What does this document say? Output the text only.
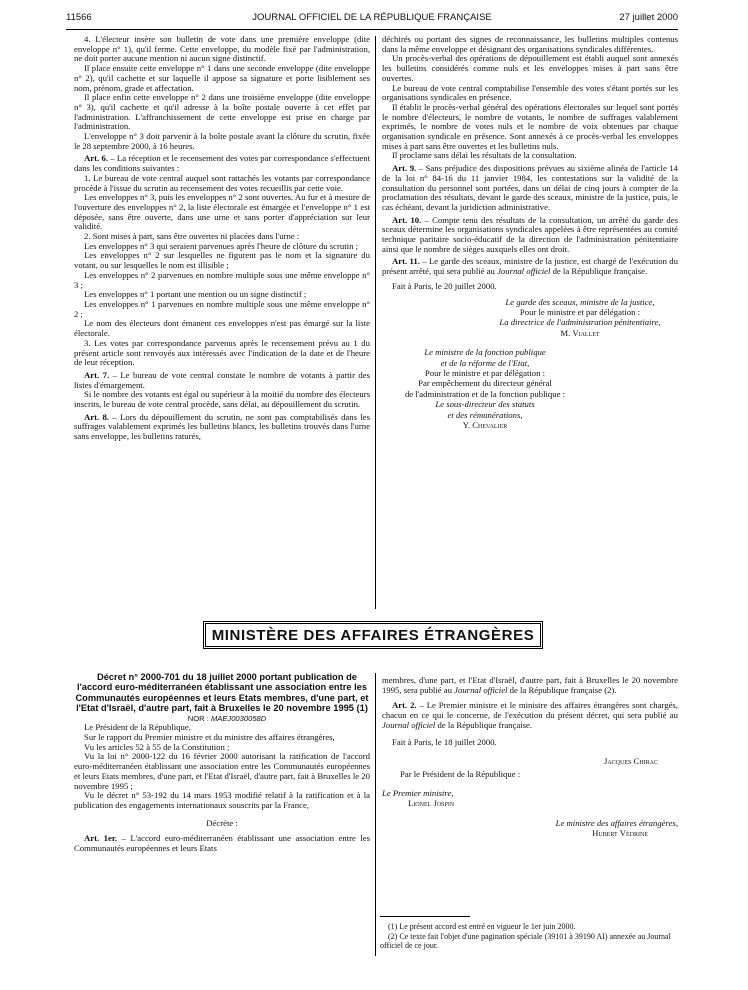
11566	JOURNAL OFFICIEL DE LA RÉPUBLIQUE FRANÇAISE	27 juillet 2000

4. L'électeur insère son bulletin de vote dans une première enveloppe (dite enveloppe n° 1), qu'il ferme. Cette enveloppe, du modèle fixé par l'administration, ne doit porter aucune mention ni aucun signe distinctif.

Il place ensuite cette enveloppe n° 1 dans une seconde enveloppe (dite enveloppe n° 2), qu'il cachette et sur laquelle il appose sa signature et porte lisiblement ses nom, prénom, grade et affectation.

Il place enfin cette enveloppe n° 2 dans une troisième enveloppe (dite enveloppe n° 3), qu'il cachette et qu'il adresse à la boîte postale ouverte à cet effet par l'administration. L'affranchissement de cette enveloppe est prise en charge par l'administration.

L'enveloppe n° 3 doit parvenir à la boîte postale avant la clôture du scrutin, fixée le 28 septembre 2000, à 16 heures.

Art. 6. – La réception et le recensement des votes par correspondance s'effectuent dans les conditions suivantes :

1. Le bureau de vote central auquel sont rattachés les votants par correspondance procède à l'issue du scrutin au recensement des votes recueillis par cette voie.

Les enveloppes n° 3, puis les enveloppes n° 2 sont ouvertes. Au fur et à mesure de l'ouverture des enveloppes n° 2, la liste électorale est émargée et l'enveloppe n° 1 est déposée, sans être ouverte, dans une urne et sans porter d'appréciation sur leur validité.

2. Sont mises à part, sans être ouvertes ni placées dans l'urne :

Les enveloppes n° 3 qui seraient parvenues après l'heure de clôture du scrutin ;

Les enveloppes n° 2 sur lesquelles ne figurent pas le nom et la signature du votant, ou sur lesquelles le nom est illisible ;

Les enveloppes n° 2 parvenues en nombre multiple sous une même enveloppe n° 3 ;

Les enveloppes n° 1 portant une mention ou un signe distinctif ;

Les enveloppes n° 1 parvenues en nombre multiple sous une même enveloppe n° 2 ;

Le nom des électeurs dont émanent ces enveloppes n'est pas émargé sur la liste électorale.

3. Les votes par correspondance parvenus après le recensement prévu au 1 du présent article sont renvoyés aux intéressés avec l'indication de la date et de l'heure de leur réception.

Art. 7. – Le bureau de vote central constate le nombre de votants à partir des listes d'émargement.

Si le nombre des votants est égal ou supérieur à la moitié du nombre des électeurs inscrits, le bureau de vote central procède, sans délai, au dépouillement du scrutin.

Art. 8. – Lors du dépouillement du scrutin, ne sont pas comptabilisés dans les suffrages valablement exprimés les bulletins blancs, les bulletins trouvés dans l'urne sans enveloppe, les bulletins raturés,

déchirés ou portant des signes de reconnaissance, les bulletins multiples contenus dans la même enveloppe et désignant des organisations syndicales différentes.

Un procès-verbal des opérations de dépouillement est établi auquel sont annexés les bulletins considérés comme nuls et les enveloppes mises à part sans être ouvertes.

Le bureau de vote central comptabilise l'ensemble des votes s'étant portés sur les organisations syndicales en présence.

Il établit le procès-verbal général des opérations électorales sur lequel sont portés le nombre d'électeurs, le nombre de votants, le nombre de suffrages valablement exprimés, le nombre de votes nuls et le nombre de voix obtenues par chaque organisation syndicale en présence. Sont annexés à ce procès-verbal les enveloppes mises à part sans être ouvertes et les bulletins nuls.

Il proclame sans délai les résultats de la consultation.

Art. 9. – Sans préjudice des dispositions prévues au sixième alinéa de l'article 14 de la loi n° 84-16 du 11 janvier 1984, les contestations sur la validité de la consultation du personnel sont portées, dans un délai de cinq jours à compter de la proclamation des résultats, devant le garde des sceaux, ministre de la justice, puis, le cas échéant, devant la juridiction administrative.

Art. 10. – Compte tenu des résultats de la consultation, un arrêté du garde des sceaux détermine les organisations syndicales appelées à être représentées au comité technique paritaire socio-éducatif de la direction de l'administration pénitentiaire ainsi que le nombre de sièges auxquels elles ont droit.

Art. 11. – Le garde des sceaux, ministre de la justice, est chargé de l'exécution du présent arrêté, qui sera publié au Journal officiel de la République française.

Fait à Paris, le 20 juillet 2000.

Le garde des sceaux, ministre de la justice,

Pour le ministre et par délégation :

La directrice de l'administration pénitentiaire,

M. Viallet

Le ministre de la fonction publique

et de la réforme de l'Etat,

Pour le ministre et par délégation :

Par empêchement du directeur général

de l'administration et de la fonction publique :

Le sous-directeur des statuts

et des rémunérations,

Y. Chevalier

MINISTÈRE DES AFFAIRES ÉTRANGÈRES

Décret n° 2000-701 du 18 juillet 2000 portant publication de l'accord euro-méditerranéen établissant une association entre les Communautés européennes et leurs Etats membres, d'une part, et l'Etat d'Israël, d'autre part, fait à Bruxelles le 20 novembre 1995 (1)

NOR : MAEJ0030058D

Le Président de la République,

Sur le rapport du Premier ministre et du ministre des affaires étrangères,

Vu les articles 52 à 55 de la Constitution ;

Vu la loi n° 2000-122 du 16 février 2000 autorisant la ratification de l'accord euro-méditerranéen établissant une association entre les Communautés européennes et leurs Etats membres, d'une part, et l'Etat d'Israël, d'autre part, fait à Bruxelles le 20 novembre 1995 ;

Vu le décret n° 53-192 du 14 mars 1953 modifié relatif à la ratification et à la publication des engagements internationaux souscrits par la France,

Décrète :

Art. 1er. – L'accord euro-méditerranéen établissant une association entre les Communautés européennes et leurs Etats

membres, d'une part, et l'Etat d'Israël, d'autre part, fait à Bruxelles le 20 novembre 1995, sera publié au Journal officiel de la République française (2).

Art. 2. – Le Premier ministre et le ministre des affaires étrangères sont chargés, chacun en ce qui le concerne, de l'exécution du présent décret, qui sera publié au Journal officiel de la République française.

Fait à Paris, le 18 juillet 2000.

Jacques Chirac

Par le Président de la République :

Le Premier ministre,

Lionel Jospin

Le ministre des affaires étrangères,

Hubert Védrine

(1) Le présent accord est entré en vigueur le 1er juin 2000.

(2) Ce texte fait l'objet d'une pagination spéciale (39101 à 39190 AI) annexée au Journal officiel de ce jour.
